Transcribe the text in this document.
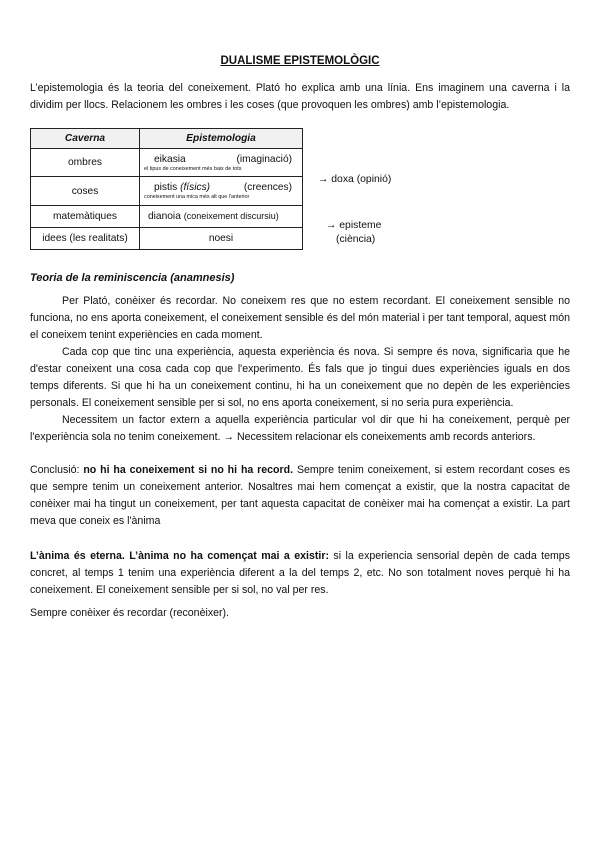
DUALISME EPISTEMOLÒGIC

L’epistemologia és la teoria del coneixement. Plató ho explica amb una línia. Ens imaginem una caverna i la dividim per llocs. Relacionem les ombres i les coses (que provoquen les ombres) amb l’epistemologia.

Caverna	Epistemologia
ombres	eikasia (imaginació)
el tipus de coneixement més baix de tots

coses	pistis (físics) (creences)
coneixement una mica més alt que l'anterior

matemàtiques	dianoia (coneixement discursiu)
idees (les realitats)	noesi
→ doxa (opinió)
→ episteme
(ciència)
Teoria de la reminiscencia (anamnesis)

Per Plató, conèixer és recordar. No coneixem res que no estem recordant. El coneixement sensible no funciona, no ens aporta coneixement, el coneixement sensible és del món material i per tant temporal, aquest món el coneixem tenint experiències en cada moment.

Cada cop que tinc una experiència, aquesta experiència és nova. Si sempre és nova, significaria que he d'estar coneixent una cosa cada cop que l'experimento. És fals que jo tingui dues experiències iguals en dos temps diferents. Si que hi ha un coneixement continu, hi ha un coneixement que no depèn de les experiències personals. El coneixement sensible per si sol, no ens aporta coneixement, si no seria pura experiència.

Necessitem un factor extern a aquella experiència particular vol dir que hi ha coneixement, perquè per l'experiència sola no tenim coneixement. → Necessitem relacionar els coneixements amb records anteriors.

Conclusió: no hi ha coneixement si no hi ha record. Sempre tenim coneixement, si estem recordant coses es que sempre tenim un coneixement anterior. Nosaltres mai hem començat a existir, que la nostra capacitat de conèixer mai ha tingut un coneixement, per tant aquesta capacitat de conèixer mai ha començat a existir. La part meva que coneix es l'ànima

L’ànima és eterna. L’ànima no ha començat mai a existir: si la experiencia sensorial depèn de cada temps concret, al temps 1 tenim una experiència diferent a la del temps 2, etc. No son totalment noves perquè hi ha coneixement. El coneixement sensible per si sol, no val per res.

Sempre conèixer és recordar (reconèixer).
